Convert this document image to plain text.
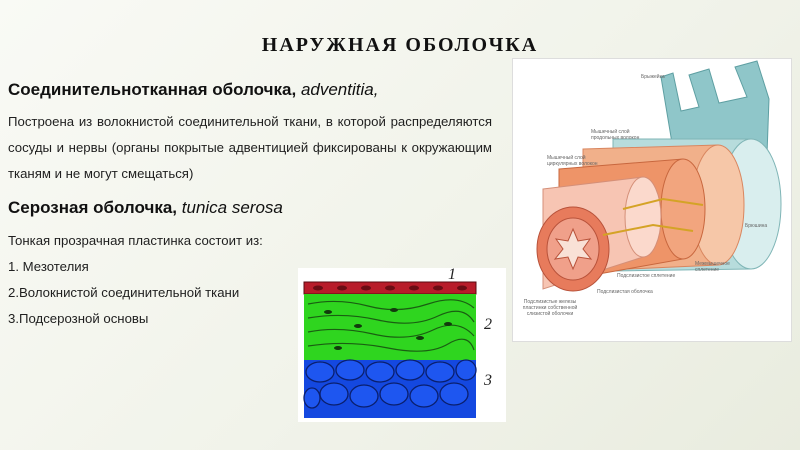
НАРУЖНАЯ ОБОЛОЧКА
Соединительнотканная оболочка, adventitia,
Построена из волокнистой соединительной ткани, в которой распределяются сосуды и нервы (органы покрытые адвентицией фиксированы к окружающим тканям и не могут смещаться)
Серозная оболочка, tunica serosa
Тонкая прозрачная пластинка состоит из:
1. Мезотелия
2.Волокнистой соединительной ткани
3.Подсерозной основы
Брыжейка
Мышечный слой продольных волокон
Мышечный слой циркулярных волокон
Брюшина
Межмышечное сплетение
Подслизистое сплетение
Подслизистая оболочка
Подслизистые железы пластинки собственной слизистой оболочки
1
2
3
